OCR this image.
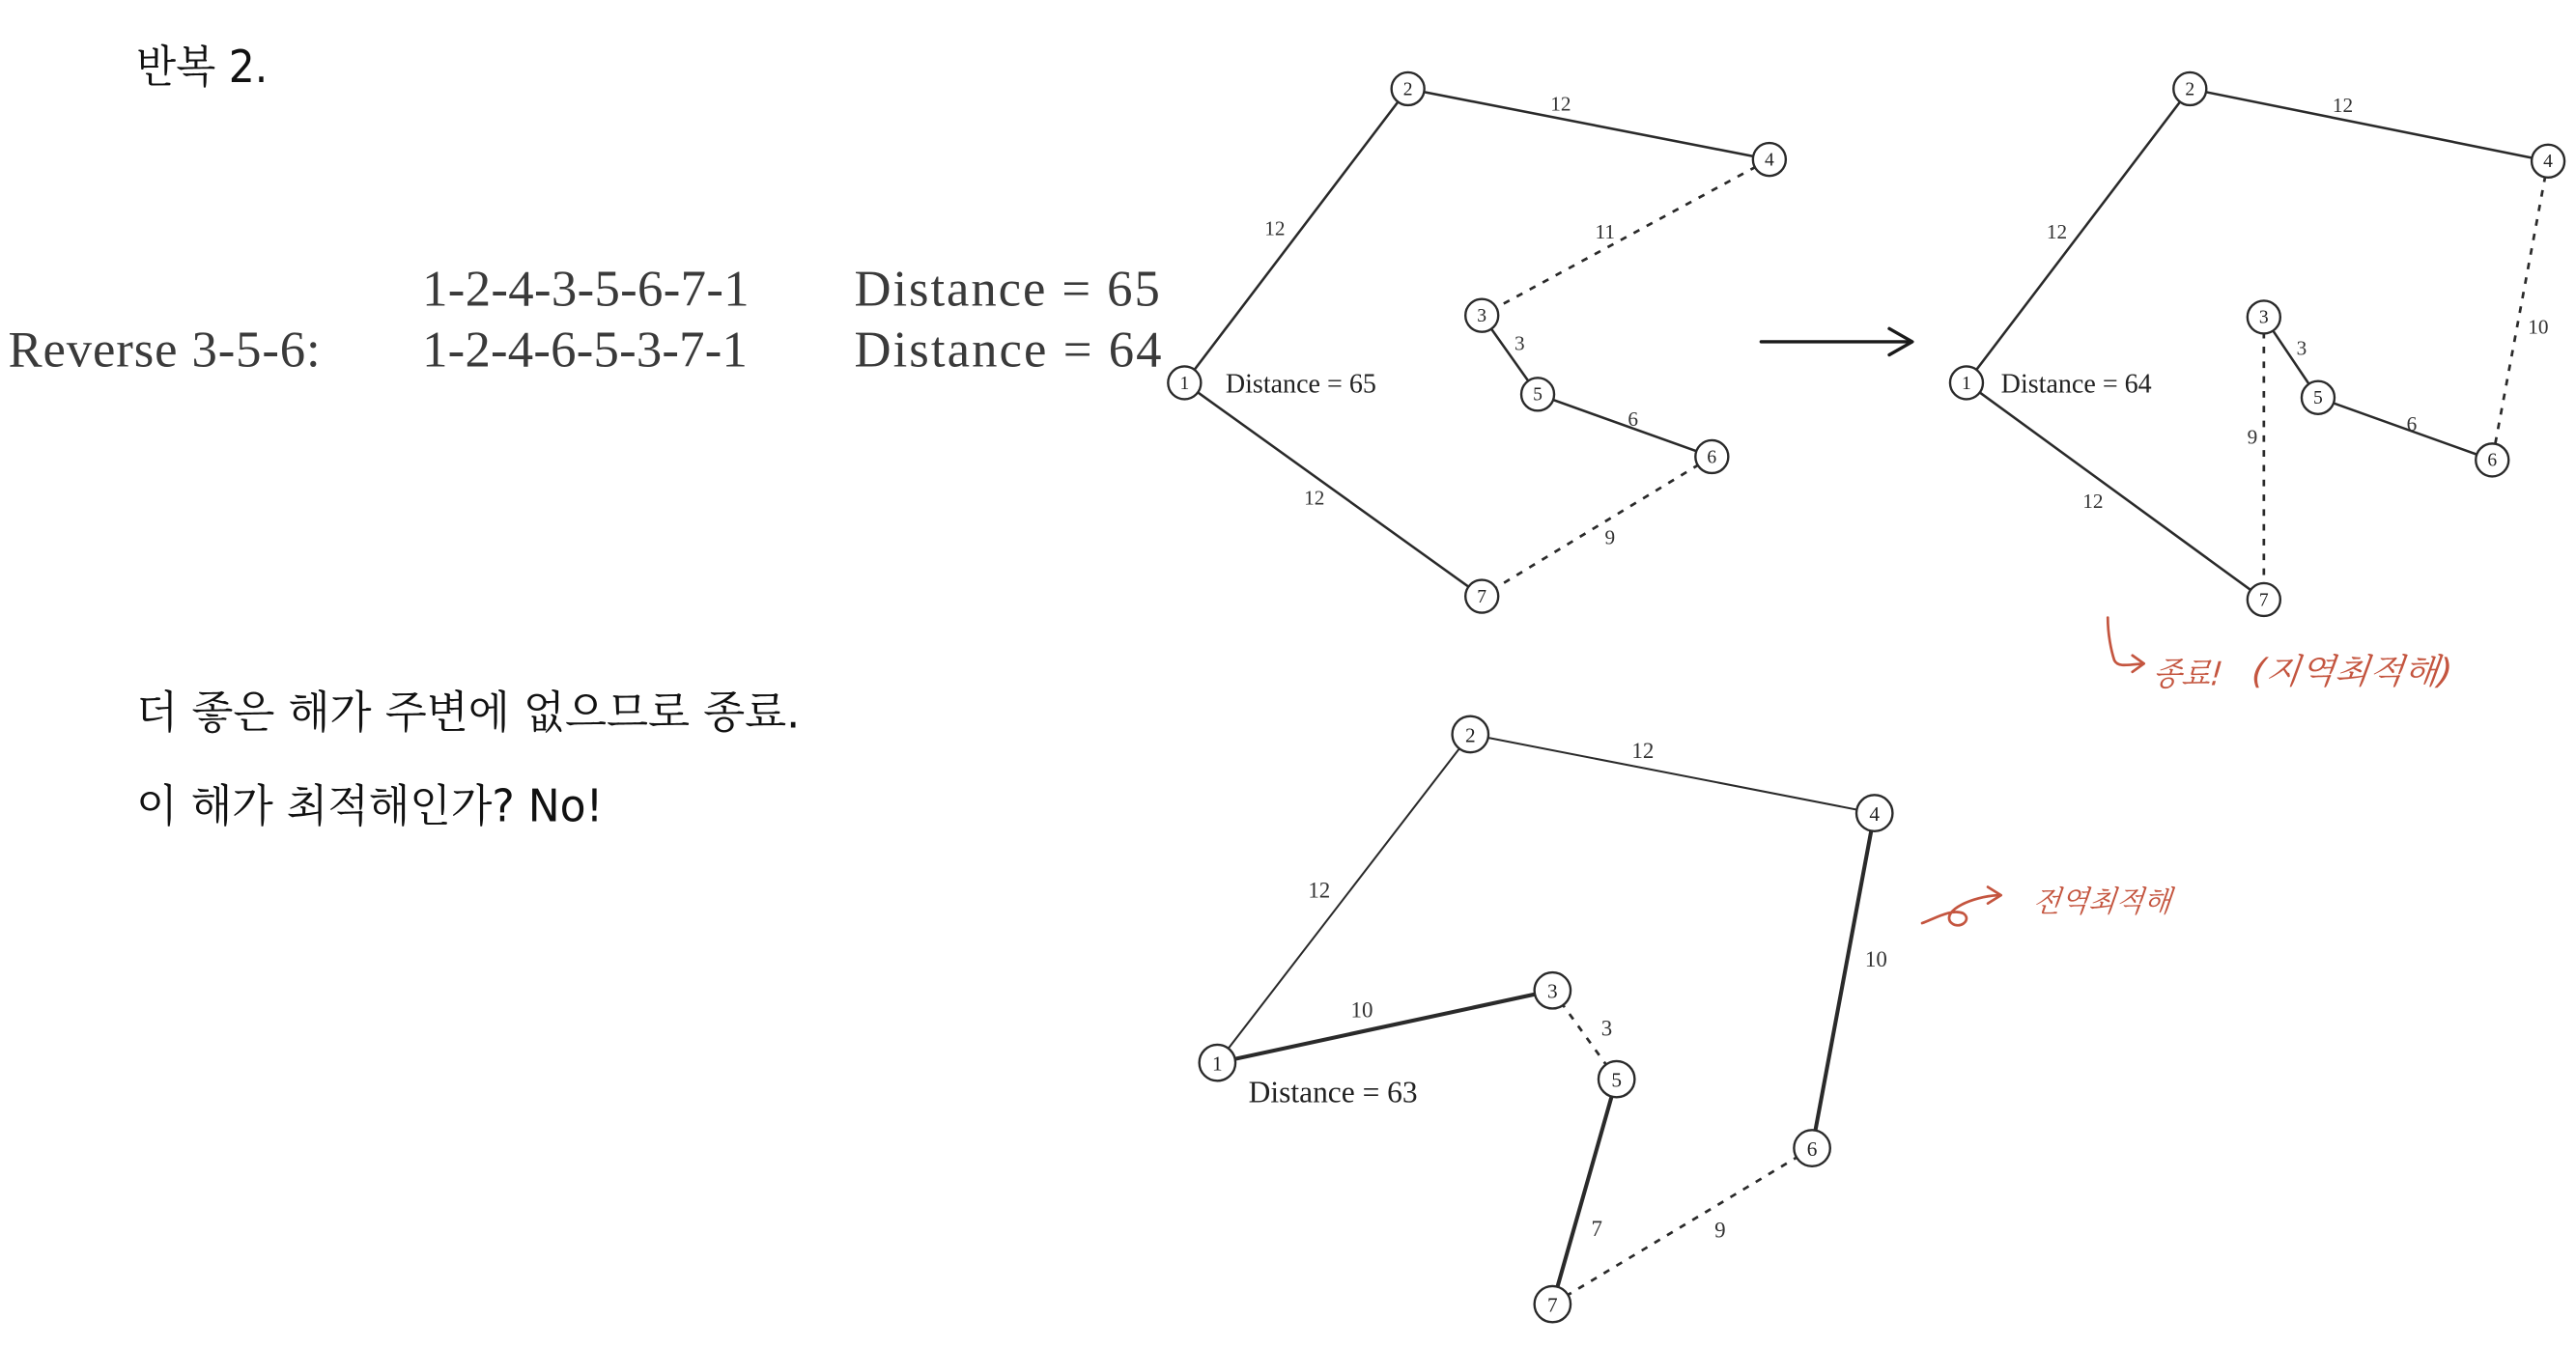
반복 2.
1-2-4-3-5-6-7-1	Distance = 65
Reverse 3-5-6:	1-2-4-6-5-3-7-1	Distance = 64
더 좋은 해가 주변에 없으므로 종료.
이 해가 최적해인가? No!
12
12
11
3
6
9
12
1
2
3
4
5
6
7
Distance = 65
12
12
10
6
3
9
12
1
2
3
4
5
6
7
Distance = 64
12
12
10
9
7
3
10
1
2
3
4
5
6
7
Distance = 63
종료! (지역최적해)
전역최적해
